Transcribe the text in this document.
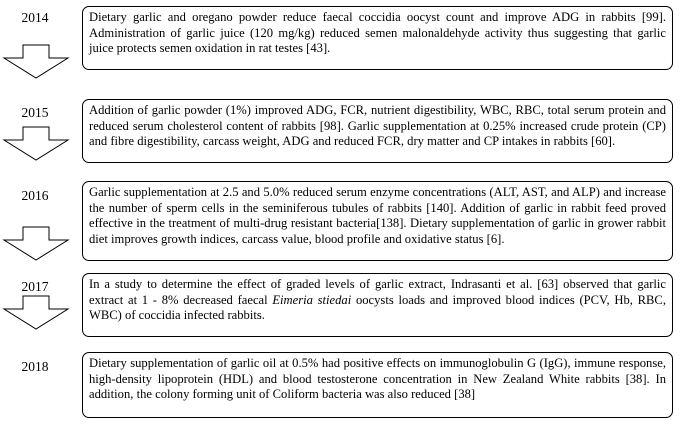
2014	Dietary garlic and oregano powder reduce faecal coccidia oocyst count and improve ADG in rabbits [99]. Administration of garlic juice (120 mg/kg) reduced semen malonaldehyde activity thus suggesting that garlic juice protects semen oxidation in rat testes [43].

2015	Addition of garlic powder (1%) improved ADG, FCR, nutrient digestibility, WBC, RBC, total serum protein and reduced serum cholesterol content of rabbits [98]. Garlic supplementation at 0.25% increased crude protein (CP) and fibre digestibility, carcass weight, ADG and reduced FCR, dry matter and CP intakes in rabbits [60].

2016	Garlic supplementation at 2.5 and 5.0% reduced serum enzyme concentrations (ALT, AST, and ALP) and increase the number of sperm cells in the seminiferous tubules of rabbits [140]. Addition of garlic in rabbit feed proved effective in the treatment of multi-drug resistant bacteria[138]. Dietary supplementation of garlic in grower rabbit diet improves growth indices, carcass value, blood profile and oxidative status [6].

2017	In a study to determine the effect of graded levels of garlic extract, Indrasanti et al. [63] observed that garlic extract at 1 - 8% decreased faecal Eimeria stiedai oocysts loads and improved blood indices (PCV, Hb, RBC, WBC) of coccidia infected rabbits.

2018	Dietary supplementation of garlic oil at 0.5% had positive effects on immunoglobulin G (IgG), immune response, high-density lipoprotein (HDL) and blood testosterone concentration in New Zealand White rabbits [38]. In addition, the colony forming unit of Coliform bacteria was also reduced [38]
